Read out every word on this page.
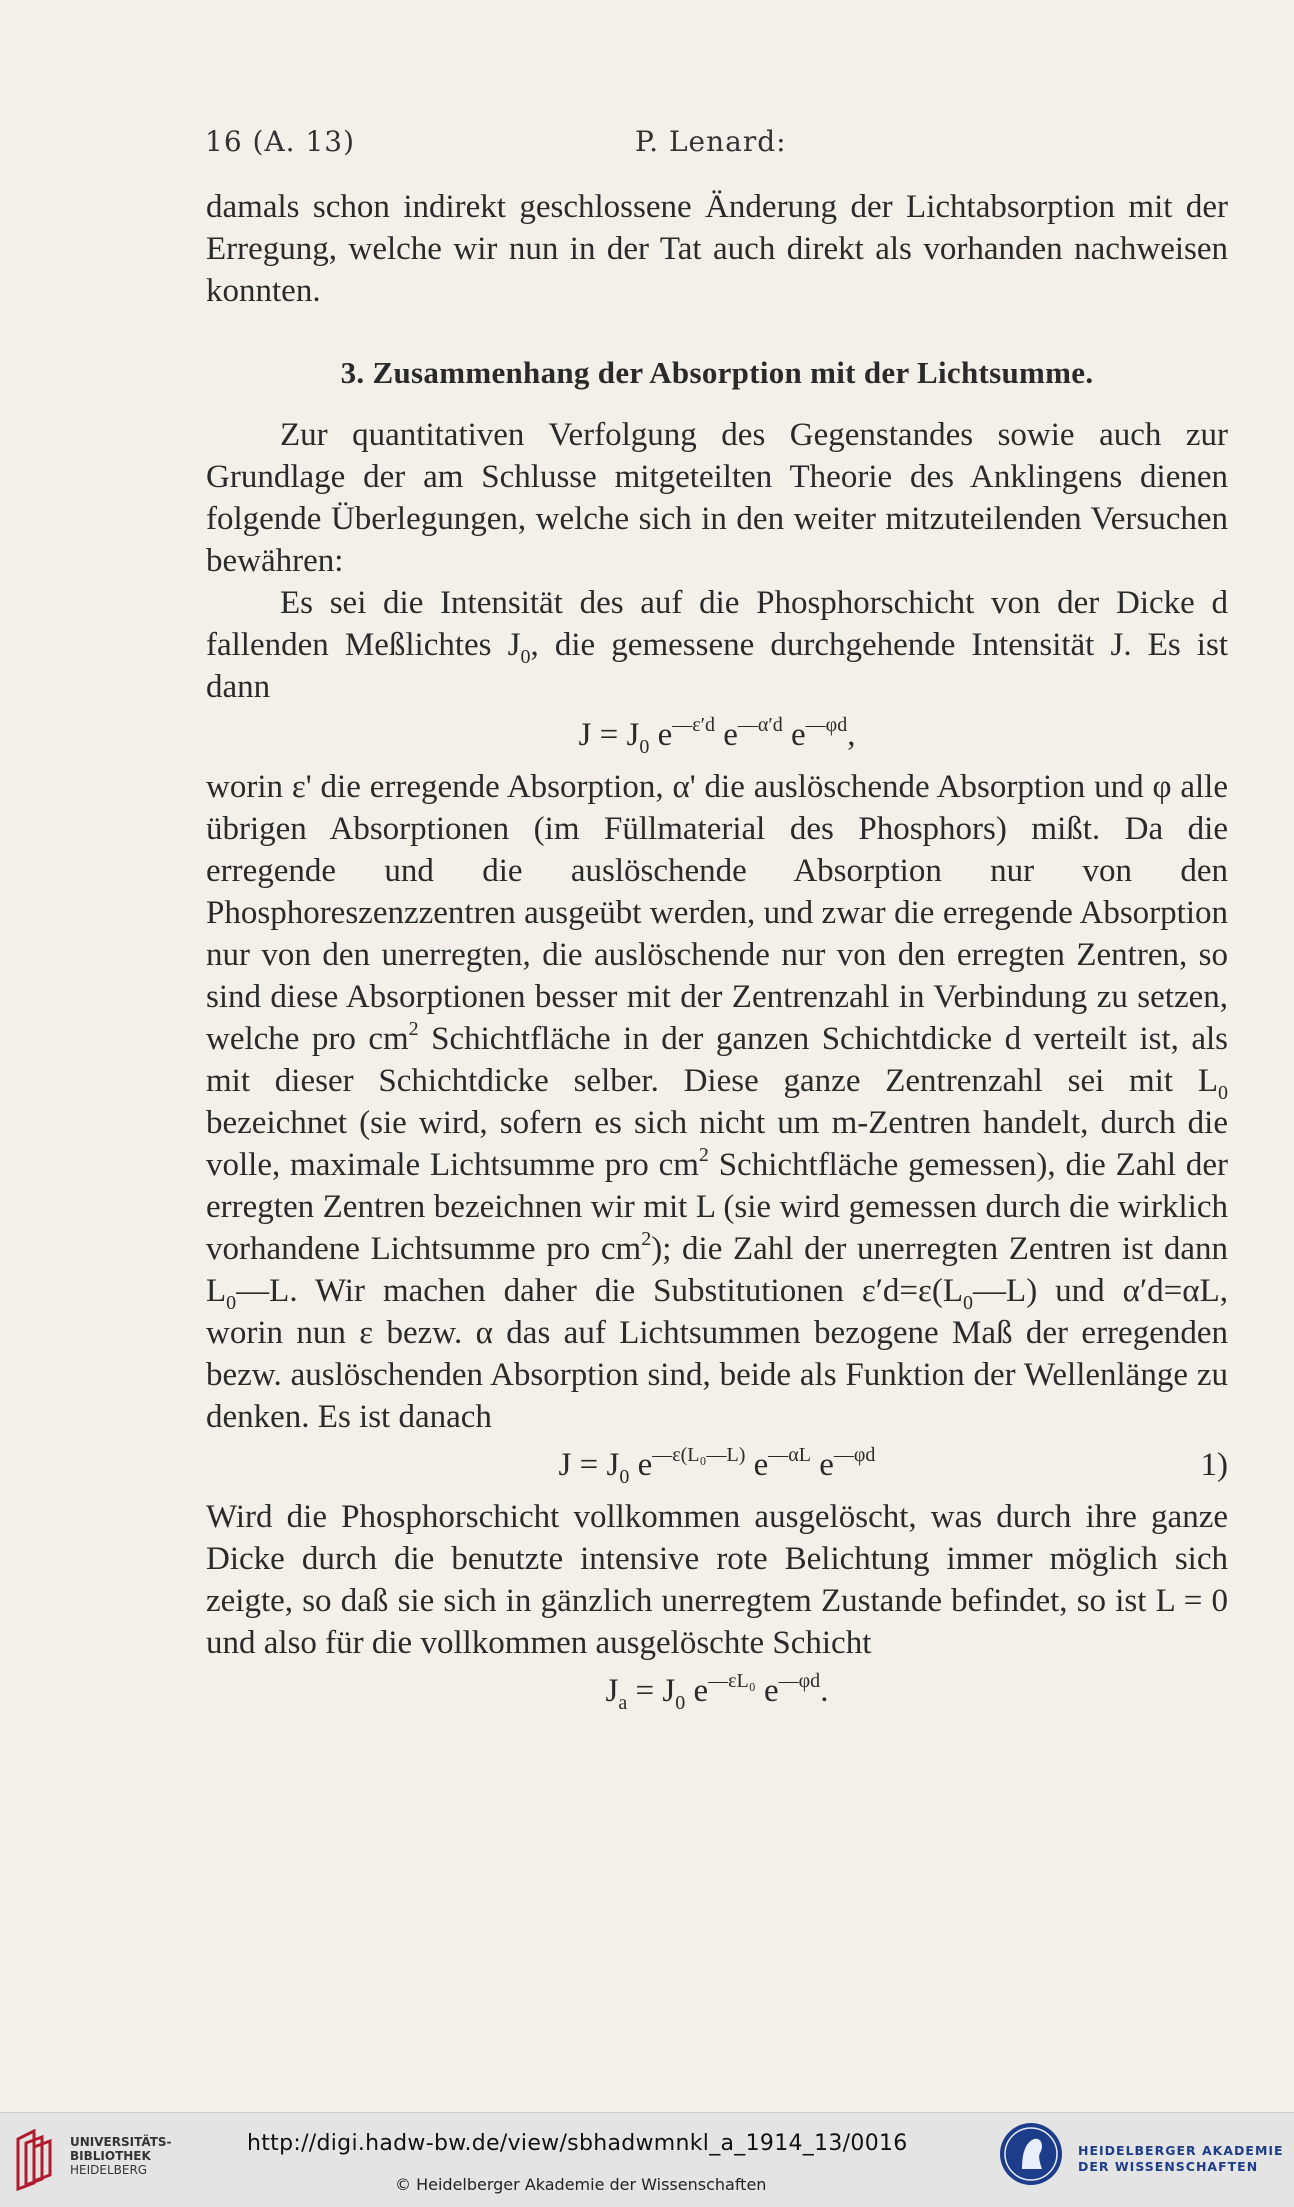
16 (A. 13)	P. Lenard:

damals schon indirekt geschlossene Änderung der Lichtabsorption mit der Erregung, welche wir nun in der Tat auch direkt als vorhanden nachweisen konnten.

3. Zusammenhang der Absorption mit der Lichtsumme.

Zur quantitativen Verfolgung des Gegenstandes sowie auch zur Grundlage der am Schlusse mitgeteilten Theorie des Anklingens dienen folgende Überlegungen, welche sich in den weiter mitzuteilenden Versuchen bewähren:

Es sei die Intensität des auf die Phosphorschicht von der Dicke d fallenden Meßlichtes $J_0$, die gemessene durchgehende Intensität J. Es ist dann

$J = J_0$ $e^{—\varepsilon'd}$ $e^{—\alpha'd}$ $e^{—\varphi d}$,

worin ε' die erregende Absorption, α' die auslöschende Absorption und φ alle übrigen Absorptionen (im Füllmaterial des Phosphors) mißt. Da die erregende und die auslöschende Absorption nur von den Phosphoreszenzzentren ausgeübt werden, und zwar die erregende Absorption nur von den unerregten, die auslöschende nur von den erregten Zentren, so sind diese Absorptionen besser mit der Zentrenzahl in Verbindung zu setzen, welche pro $cm^2$ Schichtfläche in der ganzen Schichtdicke d verteilt ist, als mit dieser Schichtdicke selber. Diese ganze Zentrenzahl sei mit $L_0$ bezeichnet (sie wird, sofern es sich nicht um m-Zentren handelt, durch die volle, maximale Lichtsumme pro $cm^2$ Schichtfläche gemessen), die Zahl der erregten Zentren bezeichnen wir mit L (sie wird gemessen durch die wirklich vorhandene Lichtsumme pro $cm^2$); die Zahl der unerregten Zentren ist dann $L_0—L$. Wir machen daher die Substitutionen $\varepsilon'd=\varepsilon(L_0—L)$ und α′d=αL, worin nun ε bezw. α das auf Lichtsummen bezogene Maß der erregenden bezw. auslöschenden Absorption sind, beide als Funktion der Wellenlänge zu denken. Es ist danach

$J = J_0$ $e^{—\varepsilon(L_0—L)}$ $e^{—\alpha L}$ $e^{—\varphi d}$	1)

Wird die Phosphorschicht vollkommen ausgelöscht, was durch ihre ganze Dicke durch die benutzte intensive rote Belichtung immer möglich sich zeigte, so daß sie sich in gänzlich unerregtem Zustande befindet, so ist L = 0 und also für die vollkommen ausgelöschte Schicht

$J_a = J_0$ $e^{—\varepsilon L_0}$ $e^{—\varphi d}$.
UNIVERSITÄTS-
BIBLIOTHEK
HEIDELBERG
http://digi.hadw-bw.de/view/sbhadwmnkl_a_1914_13/0016
© Heidelberger Akademie der Wissenschaften
HEIDELBERGER AKADEMIE
DER WISSENSCHAFTEN
